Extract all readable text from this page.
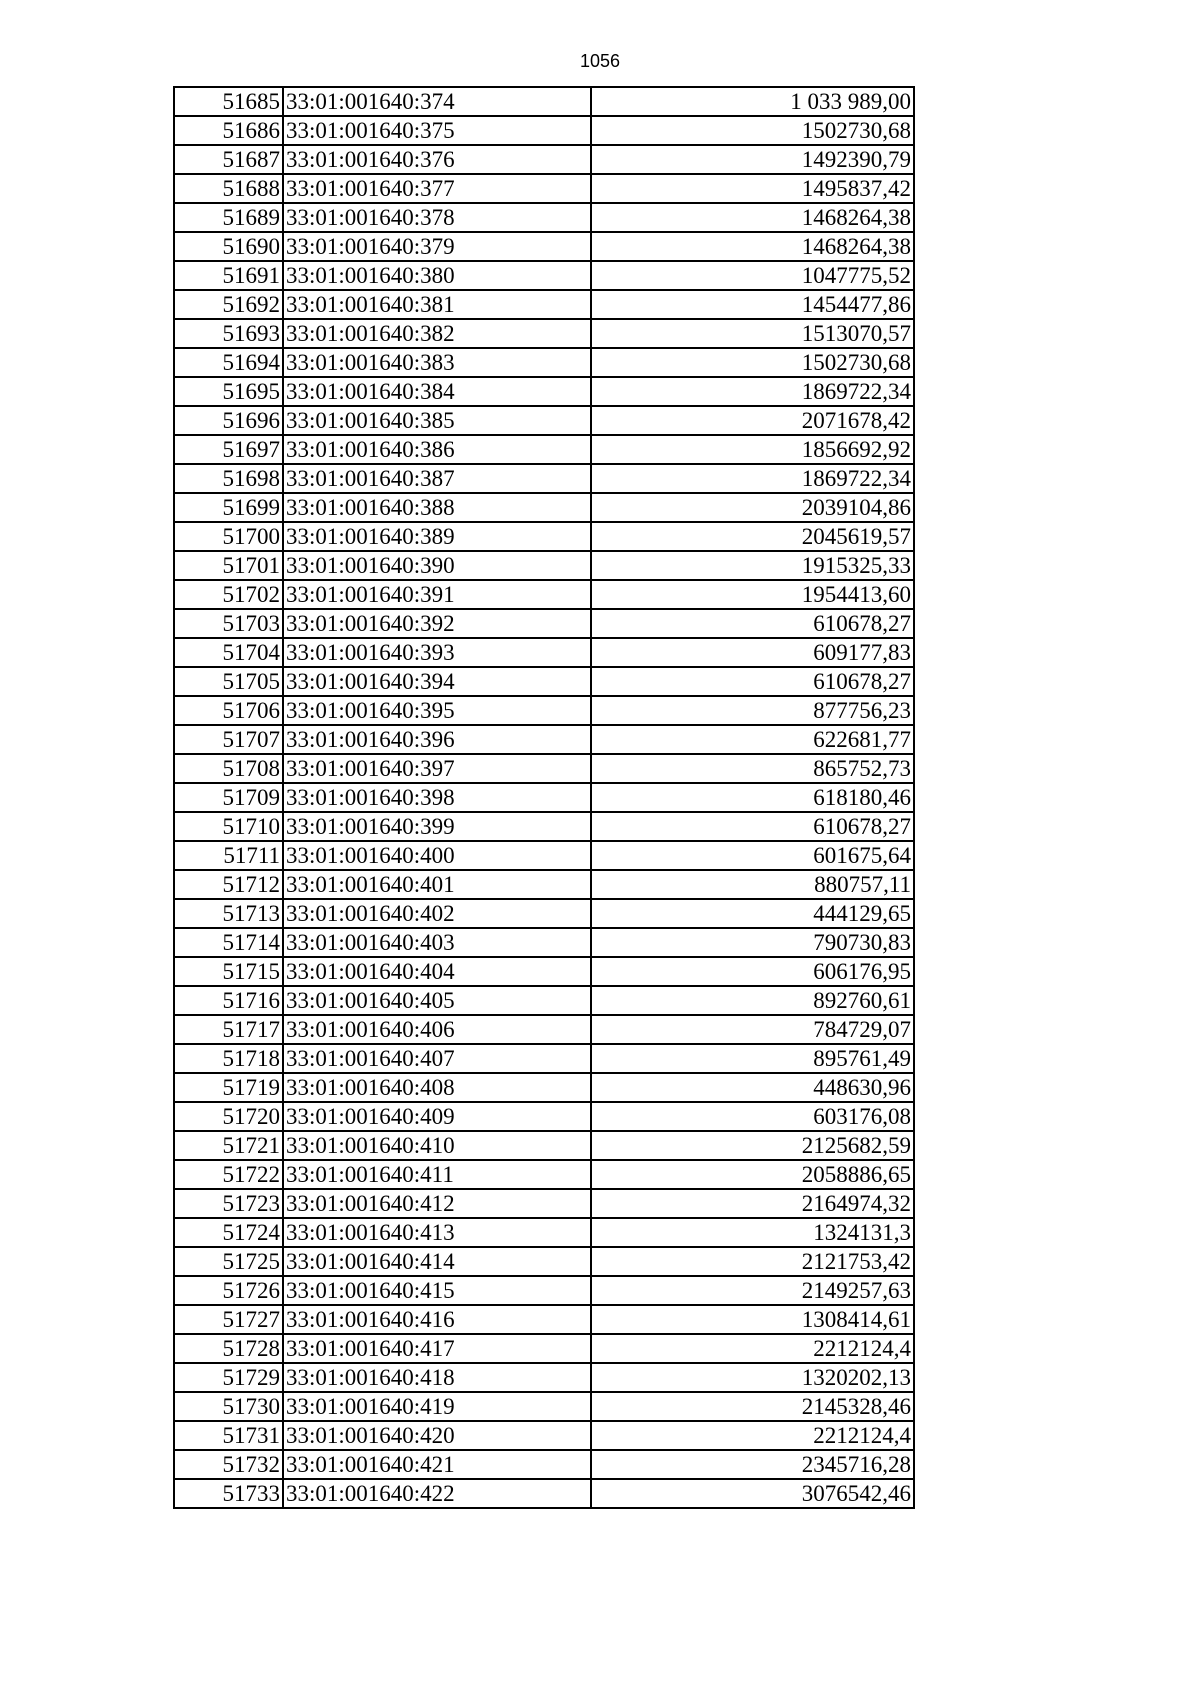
1056
51685	33:01:001640:374	1 033 989,00
51686	33:01:001640:375	1502730,68
51687	33:01:001640:376	1492390,79
51688	33:01:001640:377	1495837,42
51689	33:01:001640:378	1468264,38
51690	33:01:001640:379	1468264,38
51691	33:01:001640:380	1047775,52
51692	33:01:001640:381	1454477,86
51693	33:01:001640:382	1513070,57
51694	33:01:001640:383	1502730,68
51695	33:01:001640:384	1869722,34
51696	33:01:001640:385	2071678,42
51697	33:01:001640:386	1856692,92
51698	33:01:001640:387	1869722,34
51699	33:01:001640:388	2039104,86
51700	33:01:001640:389	2045619,57
51701	33:01:001640:390	1915325,33
51702	33:01:001640:391	1954413,60
51703	33:01:001640:392	610678,27
51704	33:01:001640:393	609177,83
51705	33:01:001640:394	610678,27
51706	33:01:001640:395	877756,23
51707	33:01:001640:396	622681,77
51708	33:01:001640:397	865752,73
51709	33:01:001640:398	618180,46
51710	33:01:001640:399	610678,27
51711	33:01:001640:400	601675,64
51712	33:01:001640:401	880757,11
51713	33:01:001640:402	444129,65
51714	33:01:001640:403	790730,83
51715	33:01:001640:404	606176,95
51716	33:01:001640:405	892760,61
51717	33:01:001640:406	784729,07
51718	33:01:001640:407	895761,49
51719	33:01:001640:408	448630,96
51720	33:01:001640:409	603176,08
51721	33:01:001640:410	2125682,59
51722	33:01:001640:411	2058886,65
51723	33:01:001640:412	2164974,32
51724	33:01:001640:413	1324131,3
51725	33:01:001640:414	2121753,42
51726	33:01:001640:415	2149257,63
51727	33:01:001640:416	1308414,61
51728	33:01:001640:417	2212124,4
51729	33:01:001640:418	1320202,13
51730	33:01:001640:419	2145328,46
51731	33:01:001640:420	2212124,4
51732	33:01:001640:421	2345716,28
51733	33:01:001640:422	3076542,46
